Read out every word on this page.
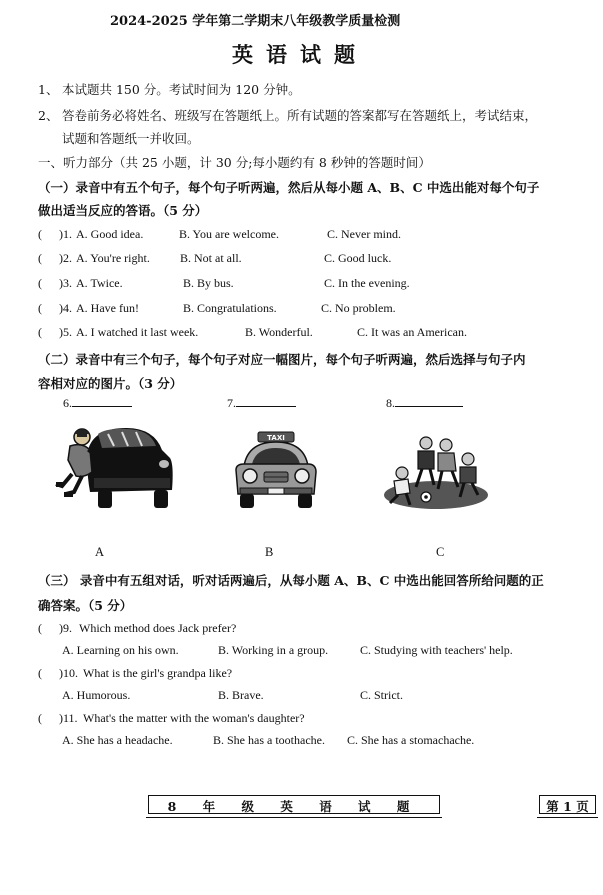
2024-2025 学年第二学期末八年级教学质量检测
英语试题
1、 本试题共 150 分。考试时间为 120 分钟。
2、 答卷前务必将姓名、班级写在答题纸上。所有试题的答案都写在答题纸上，考试结束，
试题和答题纸一并收回。
一、听力部分（共 25 小题，计 30 分;每小题约有 8 秒钟的答题时间）
（一）录音中有五个句子，每个句子听两遍，然后从每小题 A、B、C 中选出能对每个句子
做出适当反应的答语。（5 分）
( )1. A. Good idea.	B. You are welcome.	C. Never mind.
( )2. A. You're right.	B. Not at all.	C. Good luck.
( )3. A. Twice.	B. By bus.	C. In the evening.
( )4. A. Have fun!	B. Congratulations.	C. No problem.
( )5. A. I watched it last week.	B. Wonderful.	C. It was an American.
（二）录音中有三个句子，每个句子对应一幅图片，每个句子听两遍，然后选择与句子内
容相对应的图片。（3 分）
6.	7.	8.
TAXI
A	B	C
（三） 录音中有五组对话，听对话两遍后，从每小题 A、B、C 中选出能回答所给问题的正
确答案。（5 分）
( )9. Which method does Jack prefer?
A. Learning on his own.	B. Working in a group.	C. Studying with teachers' help.
( )10. What is the girl's grandpa like?
A. Humorous.	B. Brave.	C. Strict.
( )11. What's the matter with the woman's daughter?
A. She has a headache.	B. She has a toothache. C. She has a stomachache.
8 年 级 英 语 试 题	第 1 页
